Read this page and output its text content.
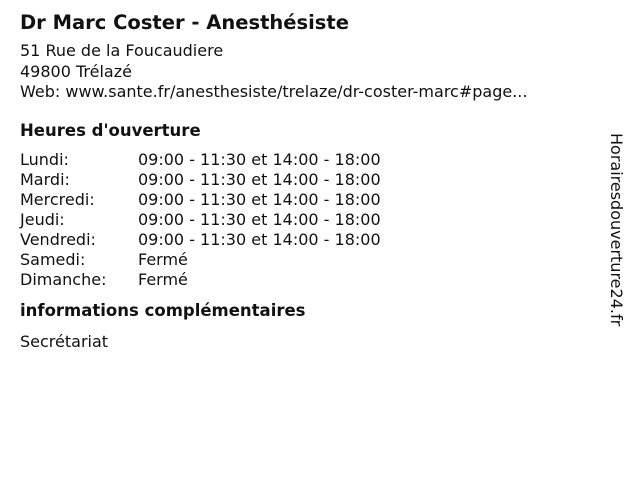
Dr Marc Coster - Anesthésiste
51 Rue de la Foucaudiere
49800 Trélazé
Web: www.sante.fr/anesthesiste/trelaze/dr-coster-marc#page...
Heures d'ouverture
Lundi:	09:00 - 11:30 et 14:00 - 18:00
Mardi:	09:00 - 11:30 et 14:00 - 18:00
Mercredi:	09:00 - 11:30 et 14:00 - 18:00
Jeudi:	09:00 - 11:30 et 14:00 - 18:00
Vendredi:	09:00 - 11:30 et 14:00 - 18:00
Samedi:	Fermé
Dimanche:	Fermé
informations complémentaires
Secrétariat
Horairesdouverture24.fr
